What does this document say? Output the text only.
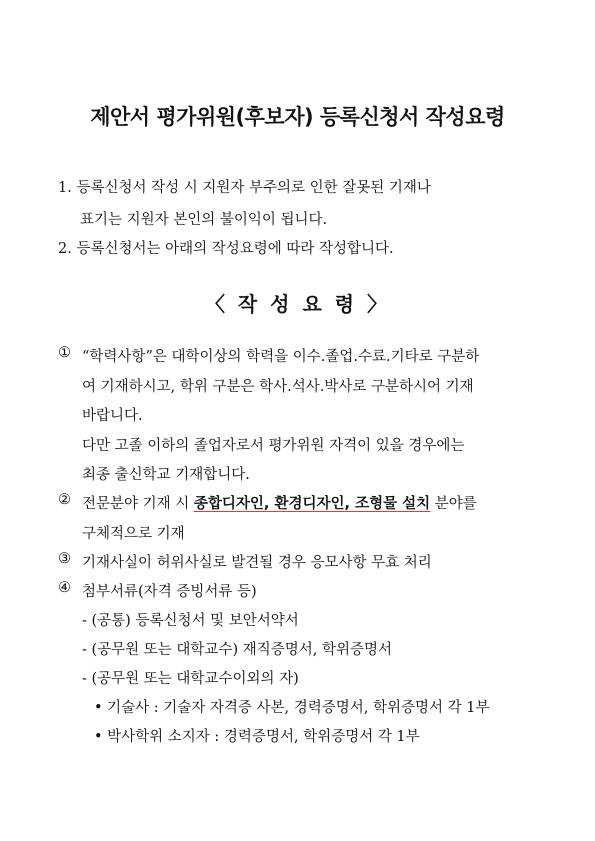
제안서 평가위원(후보자) 등록신청서 작성요령
1. 등록신청서 작성 시 지원자 부주의로 인한 잘못된 기재나
표기는 지원자 본인의 불이익이 됩니다.
2. 등록신청서는 아래의 작성요령에 따라 작성합니다.
〈 작 성 요 령 〉
① “학력사항”은 대학이상의 학력을 이수.졸업.수료.기타로 구분하
여 기재하시고, 학위 구분은 학사.석사.박사로 구분하시어 기재
바랍니다.
다만 고졸 이하의 졸업자로서 평가위원 자격이 있을 경우에는
최종 출신학교 기재합니다.
② 전문분야 기재 시 종합디자인, 환경디자인, 조형물 설치 분야를
구체적으로 기재
③ 기재사실이 허위사실로 발견될 경우 응모사항 무효 처리
④ 첨부서류(자격 증빙서류 등)
- (공통) 등록신청서 및 보안서약서
- (공무원 또는 대학교수) 재직증명서, 학위증명서
- (공무원 또는 대학교수이외의 자)
• 기술사 : 기술자 자격증 사본, 경력증명서, 학위증명서 각 1부
• 박사학위 소지자 : 경력증명서, 학위증명서 각 1부
